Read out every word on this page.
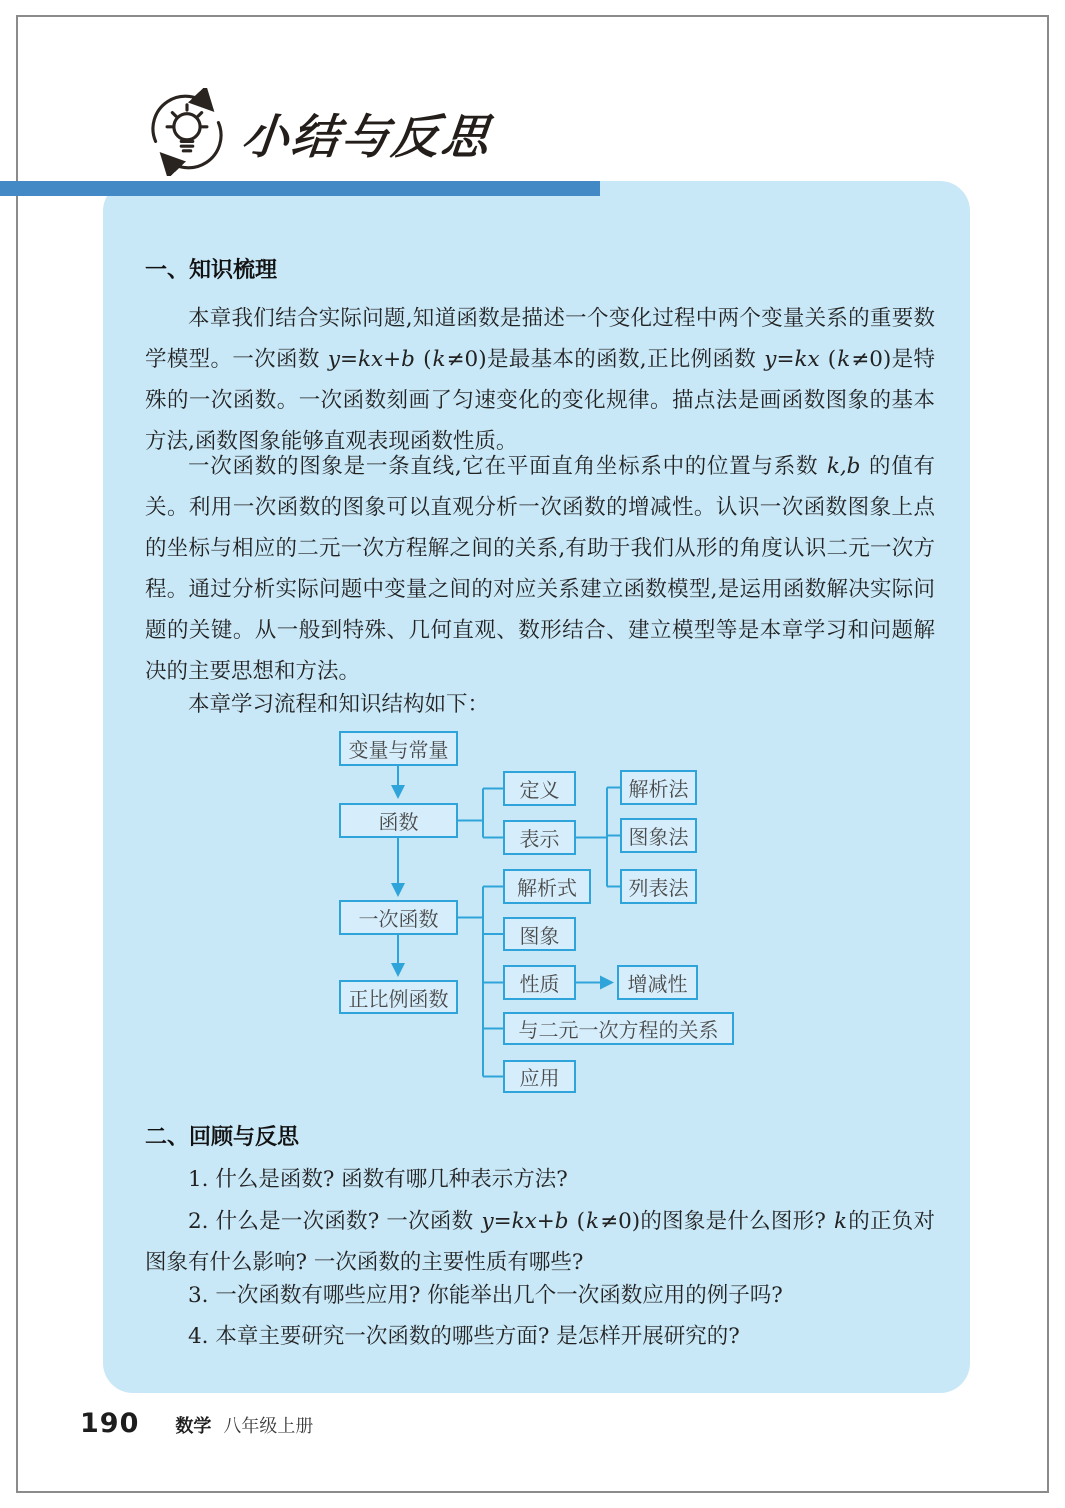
小结与反思
一、知识梳理

本章我们结合实际问题,知道函数是描述一个变化过程中两个变量关系的重要数学模型。一次函数 y=kx+b (k≠0)是最基本的函数,正比例函数 y=kx (k≠0)是特殊的一次函数。一次函数刻画了匀速变化的变化规律。描点法是画函数图象的基本方法,函数图象能够直观表现函数性质。

一次函数的图象是一条直线,它在平面直角坐标系中的位置与系数 k,b 的值有关。利用一次函数的图象可以直观分析一次函数的增减性。认识一次函数图象上点的坐标与相应的二元一次方程解之间的关系,有助于我们从形的角度认识二元一次方程。通过分析实际问题中变量之间的对应关系建立函数模型,是运用函数解决实际问题的关键。从一般到特殊、几何直观、数形结合、建立模型等是本章学习和问题解决的主要思想和方法。

本章学习流程和知识结构如下：

变量与常量
函数
一次函数
正比例函数
定义
表示
解析法
图象法
列表法
解析式
图象
性质	增减性
与二元一次方程的关系
应用
二、回顾与反思

1. 什么是函数? 函数有哪几种表示方法?

2. 什么是一次函数? 一次函数 y=kx+b (k≠0)的图象是什么图形? k的正负对图象有什么影响? 一次函数的主要性质有哪些?

3. 一次函数有哪些应用? 你能举出几个一次函数应用的例子吗?

4. 本章主要研究一次函数的哪些方面? 是怎样开展研究的?

190 数学 八年级上册
